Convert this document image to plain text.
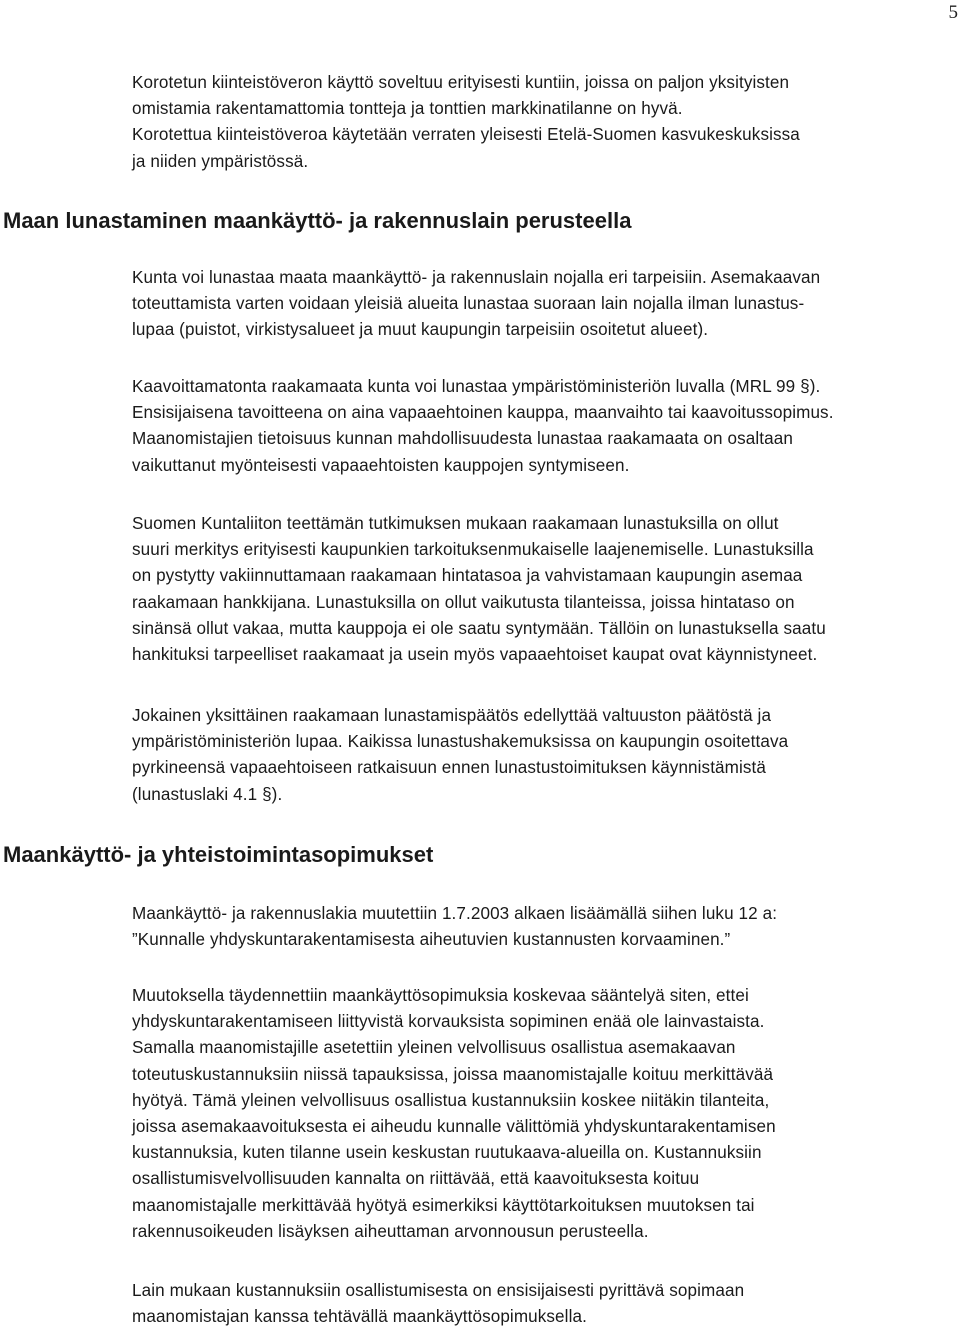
5
Korotetun kiinteistöveron käyttö soveltuu erityisesti kuntiin, joissa on paljon yksityisten
omistamia rakentamattomia tontteja ja tonttien markkinatilanne on hyvä.
Korotettua kiinteistöveroa käytetään verraten yleisesti Etelä-Suomen kasvukeskuksissa
ja niiden ympäristössä.
Maan lunastaminen maankäyttö- ja rakennuslain perusteella
Kunta voi lunastaa maata maankäyttö- ja rakennuslain nojalla eri tarpeisiin. Asemakaavan
toteuttamista varten voidaan yleisiä alueita lunastaa suoraan lain nojalla ilman lunastus-
lupaa (puistot, virkistysalueet ja muut kaupungin tarpeisiin osoitetut alueet).
Kaavoittamatonta raakamaata kunta voi lunastaa ympäristöministeriön luvalla (MRL 99 §).
Ensisijaisena tavoitteena on aina vapaaehtoinen kauppa, maanvaihto tai kaavoitussopimus.
Maanomistajien tietoisuus kunnan mahdollisuudesta lunastaa raakamaata on osaltaan
vaikuttanut myönteisesti vapaaehtoisten kauppojen syntymiseen.
Suomen Kuntaliiton teettämän tutkimuksen mukaan raakamaan lunastuksilla on ollut
suuri merkitys erityisesti kaupunkien tarkoituksenmukaiselle laajenemiselle. Lunastuksilla
on pystytty vakiinnuttamaan raakamaan hintatasoa ja vahvistamaan kaupungin asemaa
raakamaan hankkijana. Lunastuksilla on ollut vaikutusta tilanteissa, joissa hintataso on
sinänsä ollut vakaa, mutta kauppoja ei ole saatu syntymään. Tällöin on lunastuksella saatu
hankituksi tarpeelliset raakamaat ja usein myös vapaaehtoiset kaupat ovat käynnistyneet.
Jokainen yksittäinen raakamaan lunastamispäätös edellyttää valtuuston päätöstä ja
ympäristöministeriön lupaa. Kaikissa lunastushakemuksissa on kaupungin osoitettava
pyrkineensä vapaaehtoiseen ratkaisuun ennen lunastustoimituksen käynnistämistä
(lunastuslaki 4.1 §).
Maankäyttö- ja yhteistoimintasopimukset
Maankäyttö- ja rakennuslakia muutettiin 1.7.2003 alkaen lisäämällä siihen luku 12 a:
”Kunnalle yhdyskuntarakentamisesta aiheutuvien kustannusten korvaaminen.”
Muutoksella täydennettiin maankäyttösopimuksia koskevaa sääntelyä siten, ettei
yhdyskuntarakentamiseen liittyvistä korvauksista sopiminen enää ole lainvastaista.
Samalla maanomistajille asetettiin yleinen velvollisuus osallistua asemakaavan
toteutuskustannuksiin niissä tapauksissa, joissa maanomistajalle koituu merkittävää
hyötyä. Tämä yleinen velvollisuus osallistua kustannuksiin koskee niitäkin tilanteita,
joissa asemakaavoituksesta ei aiheudu kunnalle välittömiä yhdyskuntarakentamisen
kustannuksia, kuten tilanne usein keskustan ruutukaava-alueilla on. Kustannuksiin
osallistumisvelvollisuuden kannalta on riittävää, että kaavoituksesta koituu
maanomistajalle merkittävää hyötyä esimerkiksi käyttötarkoituksen muutoksen tai
rakennusoikeuden lisäyksen aiheuttaman arvonnousun perusteella.
Lain mukaan kustannuksiin osallistumisesta on ensisijaisesti pyrittävä sopimaan
maanomistajan kanssa tehtävällä maankäyttösopimuksella.
